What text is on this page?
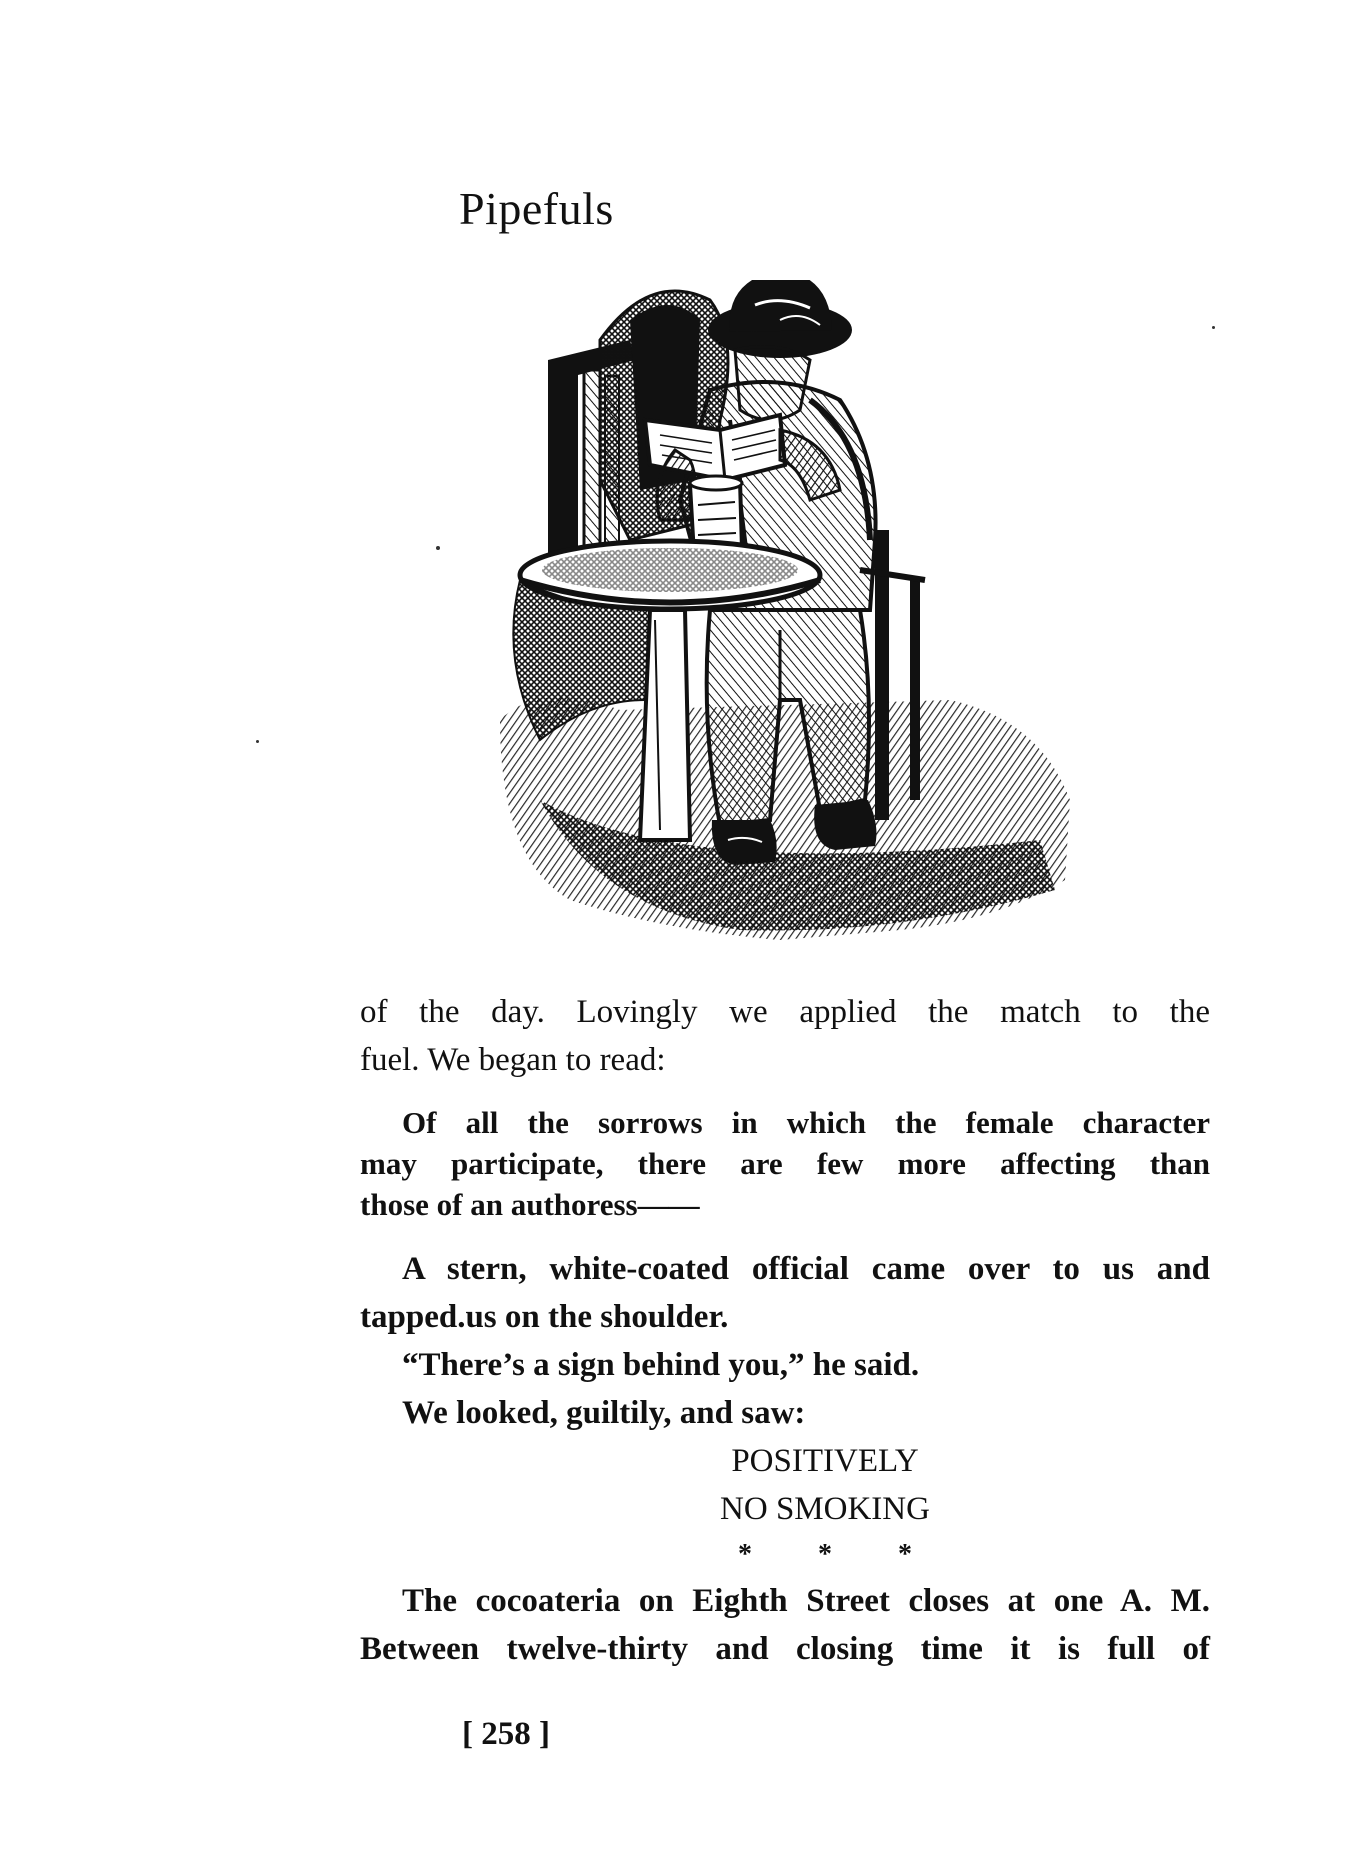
Pipefuls
of the day. Lovingly we applied the match to the
fuel. We began to read:
Of all the sorrows in which the female character
may participate, there are few more affecting than
those of an authoress——
A stern, white-coated official came over to us and
tapped.us on the shoulder.
“There’s a sign behind you,” he said.
We looked, guiltily, and saw:
POSITIVELY
NO SMOKING
* * *
The cocoateria on Eighth Street closes at one A. M.
Between twelve-thirty and closing time it is full of
[ 258 ]
